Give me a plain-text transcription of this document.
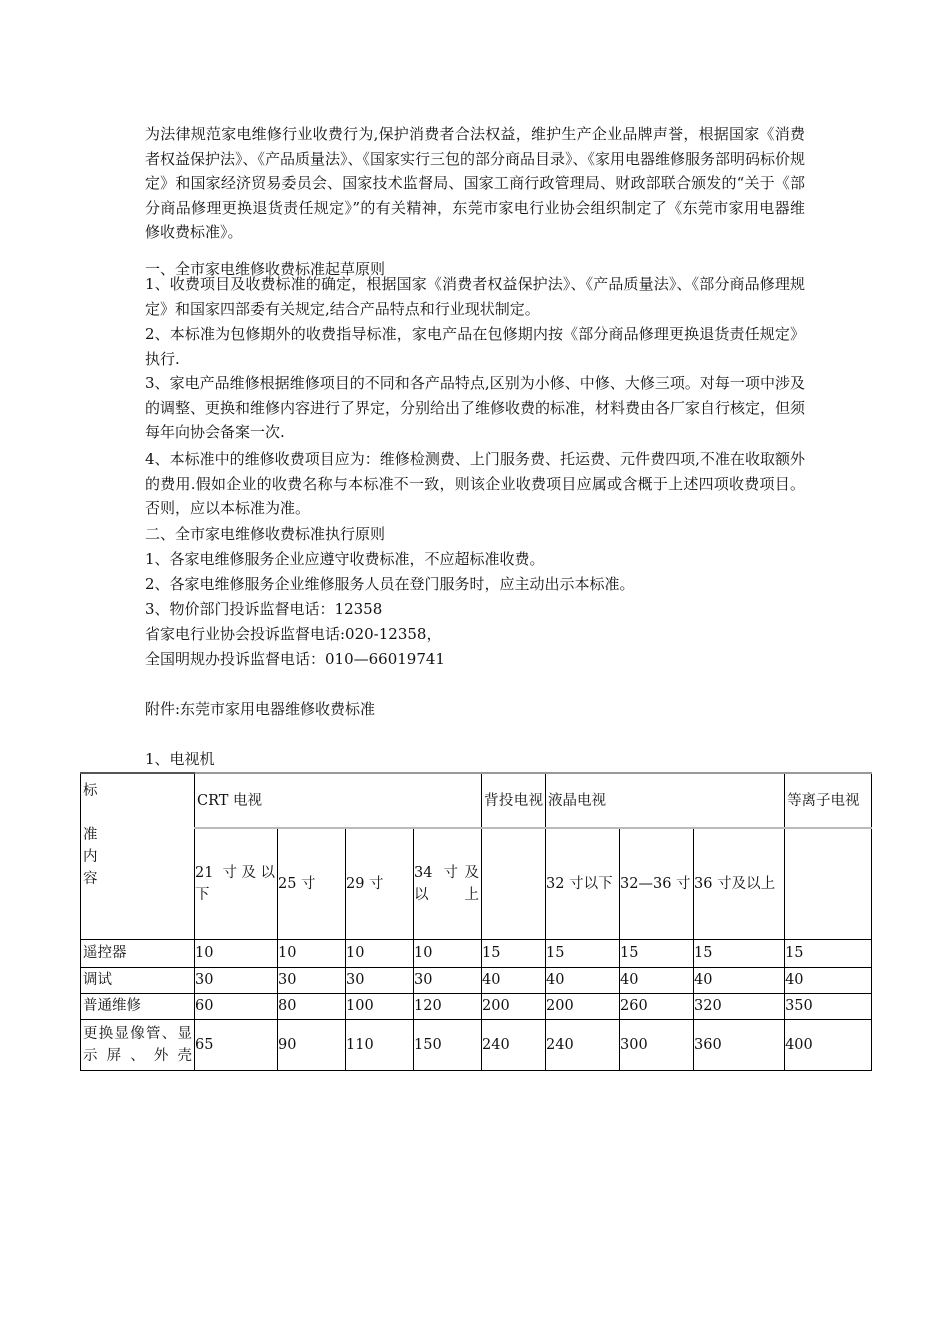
为法律规范家电维修行业收费行为,保护消费者合法权益，维护生产企业品牌声誉，根据国家《消费者权益保护法》、《产品质量法》、《国家实行三包的部分商品目录》、《家用电器维修服务部明码标价规定》和国家经济贸易委员会、国家技术监督局、国家工商行政管理局、财政部联合颁发的“关于《部分商品修理更换退货责任规定》”的有关精神，东莞市家电行业协会组织制定了《东莞市家用电器维修收费标准》。

一、全市家电维修收费标准起草原则

1、收费项目及收费标准的确定，根据国家《消费者权益保护法》、《产品质量法》、《部分商品修理规定》和国家四部委有关规定,结合产品特点和行业现状制定。

2、本标准为包修期外的收费指导标准，家电产品在包修期内按《部分商品修理更换退货责任规定》执行.

3、家电产品维修根据维修项目的不同和各产品特点,区别为小修、中修、大修三项。对每一项中涉及的调整、更换和维修内容进行了界定，分别给出了维修收费的标准，材料费由各厂家自行核定，但须每年向协会备案一次.

4、本标准中的维修收费项目应为：维修检测费、上门服务费、托运费、元件费四项,不准在收取额外的费用.假如企业的收费名称与本标准不一致，则该企业收费项目应属或含概于上述四项收费项目。否则，应以本标准为准。

二、全市家电维修收费标准执行原则

1、各家电维修服务企业应遵守收费标准，不应超标准收费。

2、各家电维修服务企业维修服务人员在登门服务时，应主动出示本标准。

3、物价部门投诉监督电话：12358

省家电行业协会投诉监督电话:020-12358，

全国明规办投诉监督电话：010—66019741

附件:东莞市家用电器维修收费标准

1、电视机

标
准
内
容	CRT 电视				背投电视	液晶电视			等离子电视
	21 寸及以下	25 寸	29 寸	34 寸及以上		32 寸以下	32—36 寸	36 寸及以上	
遥控器	10	10	10	10	15	15	15	15	15
调试	30	30	30	30	40	40	40	40	40
普通维修	60	80	100	120	200	200	260	320	350
更换显像管、显示屏、外壳	65	90	110	150	240	240	300	360	400
